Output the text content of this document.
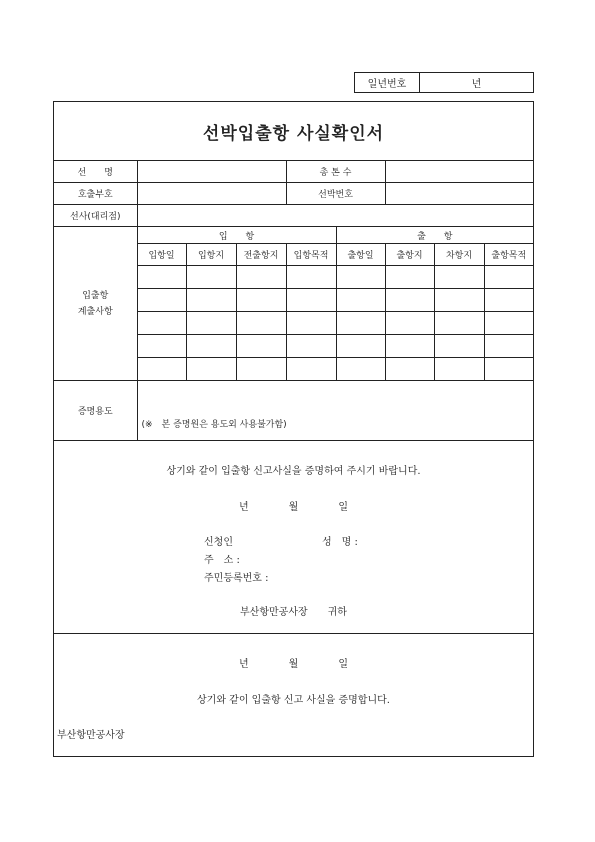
일년번호	년
선박입출항 사실확인서
선　　명				총 톤 수				
호출부호				선박번호				
선사(대리점)								

입출항
계출사항	입　　항				출　　항			
	입항일	입항지	전출항지	입항목적	출항일	출항지	차항지	출항목적

증명용도	(※　본 증명원은 용도외 사용불가함)							
상기와 같이 입출항 신고사실을 증명하여 주시기 바랍니다.
년　　　　월　　　　일
신청인	성　명 :
주　소 :
주민등록번호 :
부산항만공사장　　귀하
년　　　　월　　　　일
상기와 같이 입출항 신고 사실을 증명합니다.
부산항만공사장
